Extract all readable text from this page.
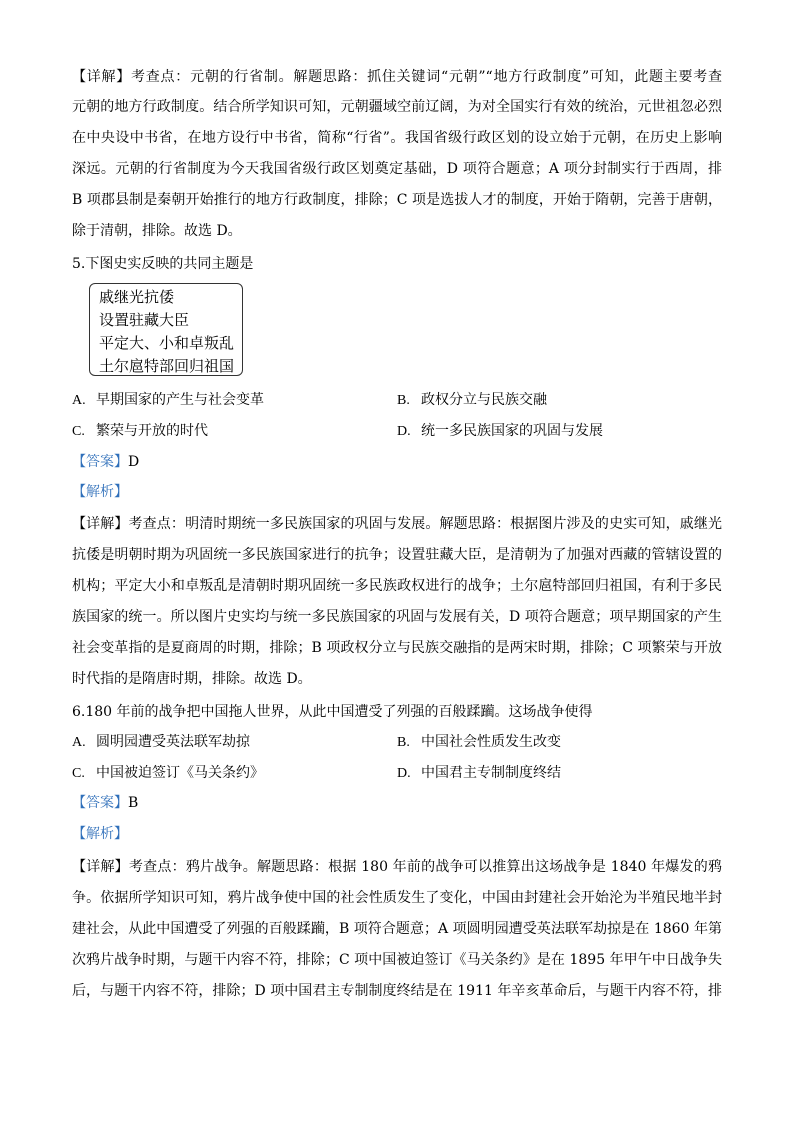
【详解】考查点：元朝的行省制。解题思路：抓住关键词“元朝”“地方行政制度”可知，此题主要考查
元朝的地方行政制度。结合所学知识可知，元朝疆域空前辽阔，为对全国实行有效的统治，元世祖忽必烈
在中央设中书省，在地方设行中书省，简称“行省”。我国省级行政区划的设立始于元朝，在历史上影响
深远。元朝的行省制度为今天我国省级行政区划奠定基础，D 项符合题意；A 项分封制实行于西周，排
B 项郡县制是秦朝开始推行的地方行政制度，排除；C 项是选拔人才的制度，开始于隋朝，完善于唐朝，
除于清朝，排除。故选 D。
5.下图史实反映的共同主题是
戚继光抗倭
设置驻藏大臣
平定大、小和卓叛乱
土尔扈特部回归祖国
A. 早期国家的产生与社会变革	B. 政权分立与民族交融
C. 繁荣与开放的时代	D. 统一多民族国家的巩固与发展
【答案】D
【解析】
【详解】考查点：明清时期统一多民族国家的巩固与发展。解题思路：根据图片涉及的史实可知，戚继光
抗倭是明朝时期为巩固统一多民族国家进行的抗争；设置驻藏大臣，是清朝为了加强对西藏的管辖设置的
机构；平定大小和卓叛乱是清朝时期巩固统一多民族政权进行的战争；土尔扈特部回归祖国，有利于多民
族国家的统一。所以图片史实均与统一多民族国家的巩固与发展有关，D 项符合题意；项早期国家的产生
社会变革指的是夏商周的时期，排除；B 项政权分立与民族交融指的是两宋时期，排除；C 项繁荣与开放
时代指的是隋唐时期，排除。故选 D。
6.180 年前的战争把中国拖人世界，从此中国遭受了列强的百般蹂躏。这场战争使得
A. 圆明园遭受英法联军劫掠	B. 中国社会性质发生改变
C. 中国被迫签订《马关条约》	D. 中国君主专制制度终结
【答案】B
【解析】
【详解】考查点：鸦片战争。解题思路：根据 180 年前的战争可以推算出这场战争是 1840 年爆发的鸦
争。依据所学知识可知，鸦片战争使中国的社会性质发生了变化，中国由封建社会开始沦为半殖民地半封
建社会，从此中国遭受了列强的百般蹂躏，B 项符合题意；A 项圆明园遭受英法联军劫掠是在 1860 年第
次鸦片战争时期，与题干内容不符，排除；C 项中国被迫签订《马关条约》是在 1895 年甲午中日战争失
后，与题干内容不符，排除；D 项中国君主专制制度终结是在 1911 年辛亥革命后，与题干内容不符，排
